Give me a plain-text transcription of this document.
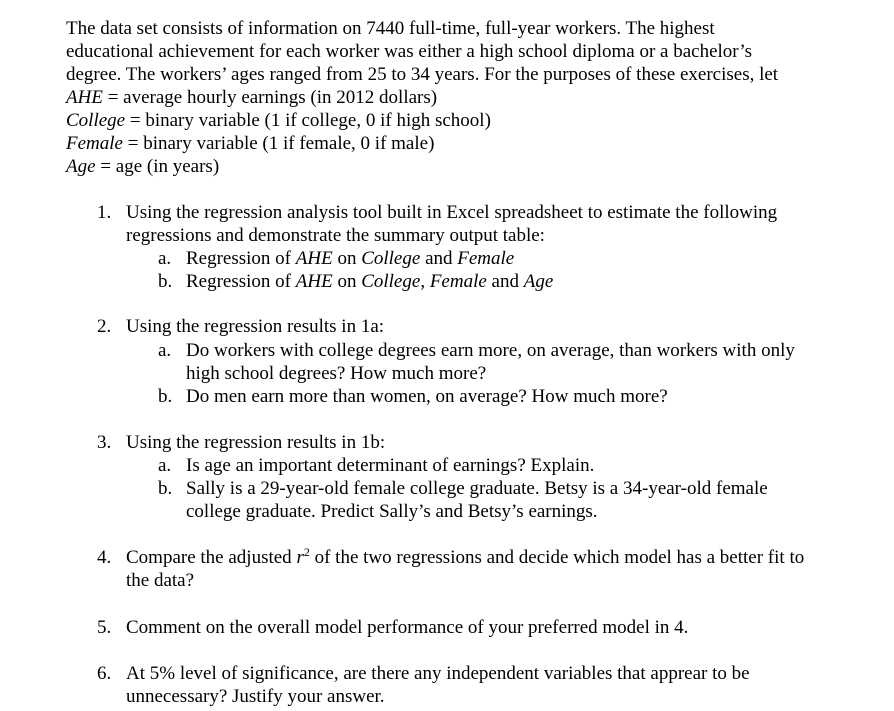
The data set consists of information on 7440 full-time, full-year workers. The highest
educational achievement for each worker was either a high school diploma or a bachelor’s
degree. The workers’ ages ranged from 25 to 34 years. For the purposes of these exercises, let
AHE = average hourly earnings (in 2012 dollars)
College = binary variable (1 if college, 0 if high school)
Female = binary variable (1 if female, 0 if male)
Age = age (in years)
1. Using the regression analysis tool built in Excel spreadsheet to estimate the following
regressions and demonstrate the summary output table:
a. Regression of AHE on College and Female
b. Regression of AHE on College, Female and Age
2. Using the regression results in 1a:
a. Do workers with college degrees earn more, on average, than workers with only
high school degrees? How much more?
b. Do men earn more than women, on average? How much more?
3. Using the regression results in 1b:
a. Is age an important determinant of earnings? Explain.
b. Sally is a 29-year-old female college graduate. Betsy is a 34-year-old female
college graduate. Predict Sally’s and Betsy’s earnings.
4. Compare the adjusted $r^2$ of the two regressions and decide which model has a better fit to
the data?
5. Comment on the overall model performance of your preferred model in 4.
6. At 5% level of significance, are there any independent variables that apprear to be
unnecessary? Justify your answer.
